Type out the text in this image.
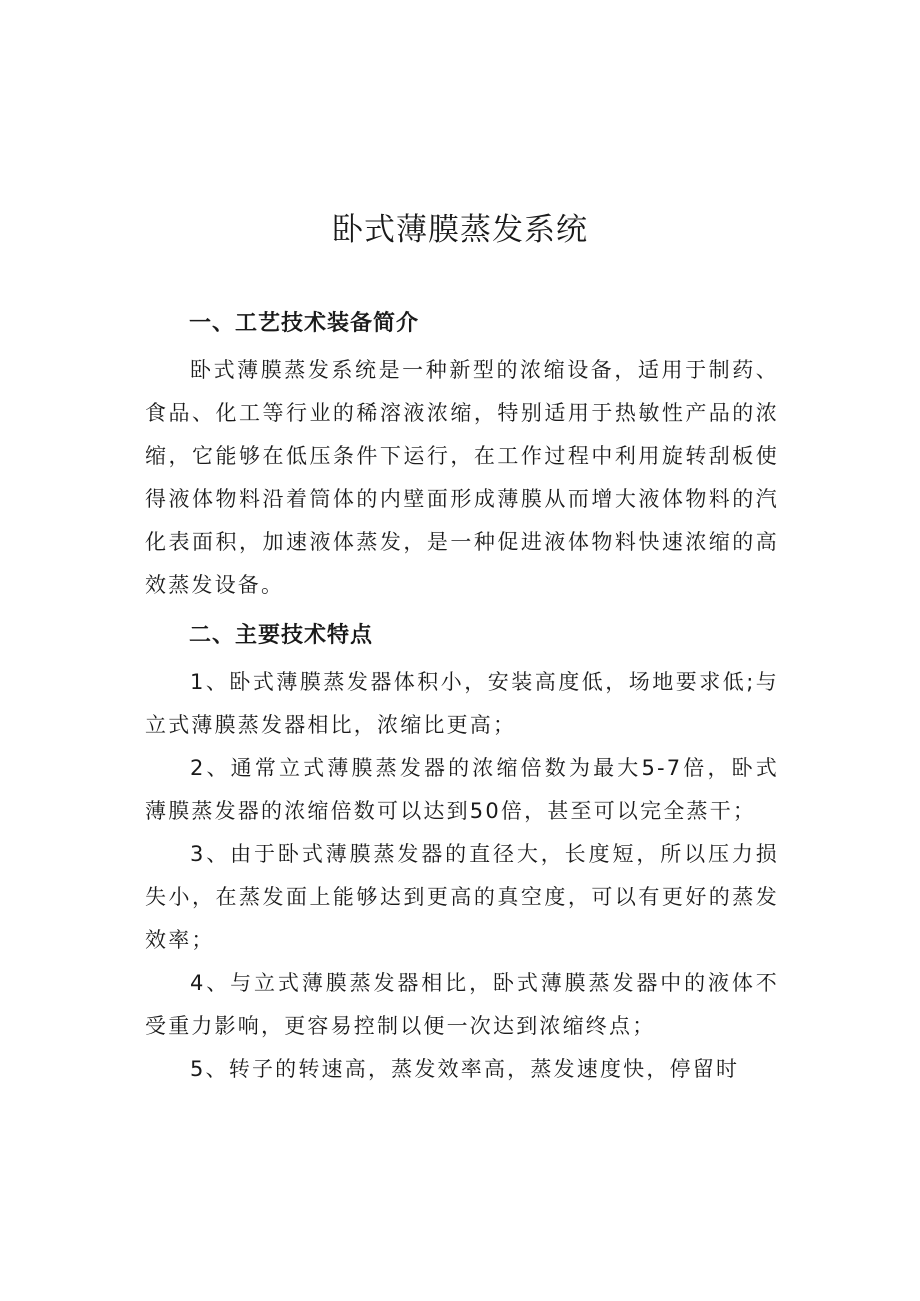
卧式薄膜蒸发系统
一、工艺技术装备简介

卧式薄膜蒸发系统是一种新型的浓缩设备，适用于制药、食品、化工等行业的稀溶液浓缩，特别适用于热敏性产品的浓缩，它能够在低压条件下运行，在工作过程中利用旋转刮板使得液体物料沿着筒体的内壁面形成薄膜从而增大液体物料的汽化表面积，加速液体蒸发，是一种促进液体物料快速浓缩的高效蒸发设备。

二、主要技术特点

1、卧式薄膜蒸发器体积小，安装高度低，场地要求低;与立式薄膜蒸发器相比，浓缩比更高；

2、通常立式薄膜蒸发器的浓缩倍数为最大5-7倍，卧式薄膜蒸发器的浓缩倍数可以达到50倍，甚至可以完全蒸干；

3、由于卧式薄膜蒸发器的直径大，长度短，所以压力损失小，在蒸发面上能够达到更高的真空度，可以有更好的蒸发效率；

4、与立式薄膜蒸发器相比，卧式薄膜蒸发器中的液体不受重力影响，更容易控制以便一次达到浓缩终点；

5、转子的转速高，蒸发效率高，蒸发速度快，停留时
